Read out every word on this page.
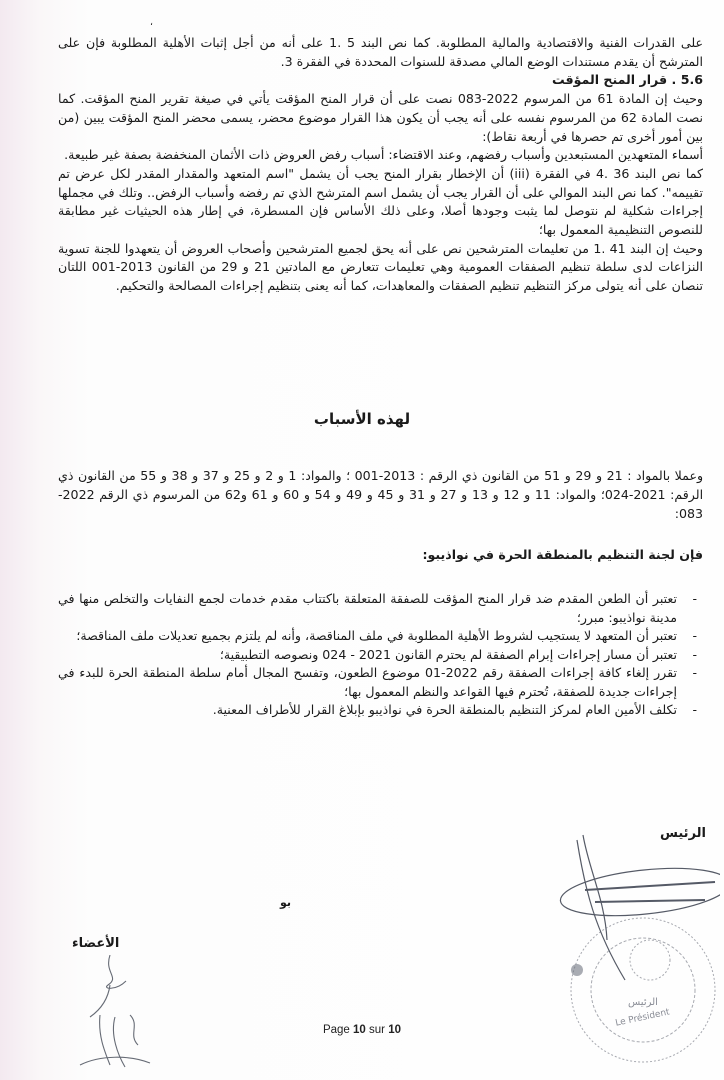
،

على القدرات الفنية والاقتصادية والمالية المطلوبة. كما نص البند 5 .1 على أنه من أجل إثبات الأهلية المطلوبة فإن على المترشح أن يقدم مستندات الوضع المالي مصدقة للسنوات المحددة في الفقرة 3.

5.6 . قرار المنح المؤقت

وحيث إن المادة 61 من المرسوم 2022-083 نصت على أن قرار المنح المؤقت يأتي في صيغة تقرير المنح المؤقت. كما نصت المادة 62 من المرسوم نفسه على أنه يجب أن يكون هذا القرار موضوع محضر، يسمى محضر المنح المؤقت يبين (من بين أمور أخرى تم حصرها في أربعة نقاط):

أسماء المتعهدين المستبعدين وأسباب رفضهم، وعند الاقتضاء: أسباب رفض العروض ذات الأثمان المنخفضة بصفة غير طبيعة.

كما نص البند 36 .4 في الفقرة (iii) أن الإخطار بقرار المنح يجب أن يشمل "اسم المتعهد والمقدار المقدر لكل عرض تم تقييمه". كما نص البند الموالي على أن القرار يجب أن يشمل اسم المترشح الذي تم رفضه وأسباب الرفض.. وتلك في مجملها إجراءات شكلية لم نتوصل لما يثبت وجودها أصلا، وعلى ذلك الأساس فإن المسطرة، في إطار هذه الحيثيات غير مطابقة للنصوص التنظيمية المعمول بها؛

وحيث إن البند 41 .1 من تعليمات المترشحين نص على أنه يحق لجميع المترشحين وأصحاب العروض أن يتعهدوا للجنة تسوية النزاعات لدى سلطة تنظيم الصفقات العمومية وهي تعليمات تتعارض مع المادتين 21 و 29 من القانون 2013-001 اللتان تنصان على أنه يتولى مركز التنظيم تنظيم الصفقات والمعاهدات، كما أنه يعنى بتنظيم إجراءات المصالحة والتحكيم.

لهذه الأسباب
وعملا بالمواد : 21 و 29 و 51 من القانون ذي الرقم : 2013-001 ؛ والمواد: 1 و 2 و 25 و 37 و 38 و 55 من القانون ذي الرقم: 2021-024؛ والمواد: 11 و 12 و 13 و 27 و 31 و 45 و 49 و 54 و 60 و 61 و62 من المرسوم ذي الرقم 2022-083:
فإن لجنة التنظيم بالمنطقة الحرة في نواذيبو:
-
تعتبر أن الطعن المقدم ضد قرار المنح المؤقت للصفقة المتعلقة باكتتاب مقدم خدمات لجمع النفايات والتخلص منها في مدينة نواذيبو: مبرر؛
-
تعتبر أن المتعهد لا يستجيب لشروط الأهلية المطلوبة في ملف المناقصة، وأنه لم يلتزم بجميع تعديلات ملف المناقصة؛
-
تعتبر أن مسار إجراءات إبرام الصفقة لم يحترم القانون 2021 - 024 ونصوصه التطبيقية؛
-
تقرر إلغاء كافة إجراءات الصفقة رقم 2022-01 موضوع الطعون، وتفسح المجال أمام سلطة المنطقة الحرة للبدء في إجراءات جديدة للصفقة، تُحترم فيها القواعد والنظم المعمول بها؛
-
تكلف الأمين العام لمركز التنظيم بالمنطقة الحرة في نواذيبو بإبلاغ القرار للأطراف المعنية.
الرئيس
الرئيس
Le Président
بو
الأعضاء
Page 10 sur 10
